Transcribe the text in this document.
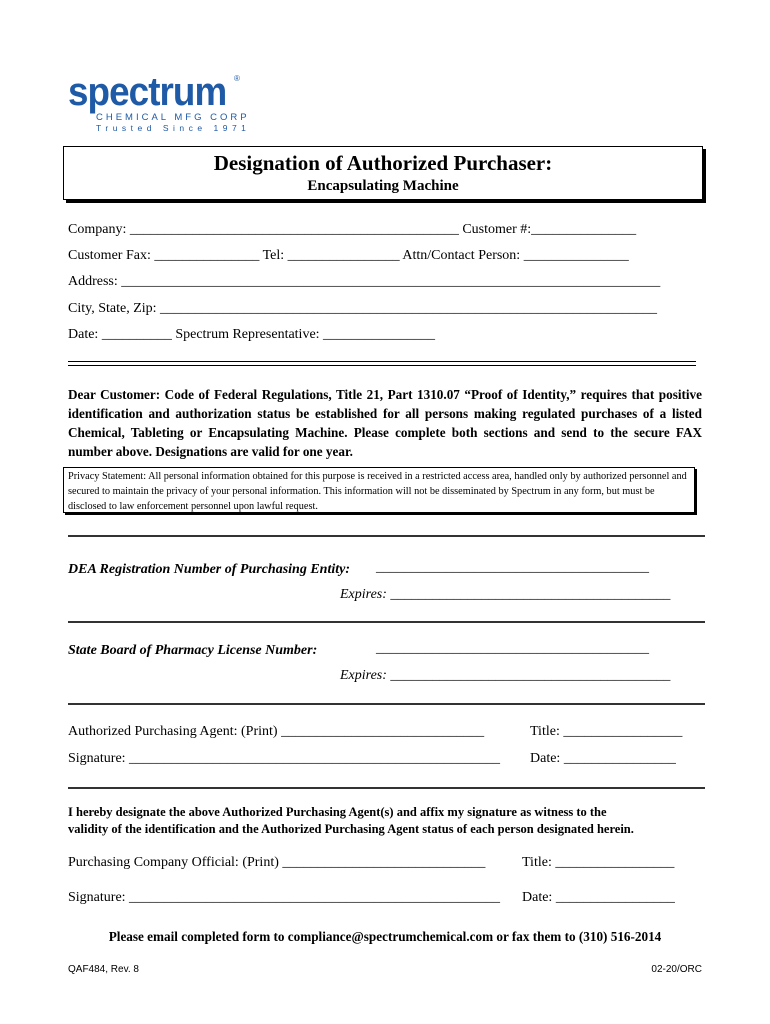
spectrum ®
CHEMICAL MFG CORP
Trusted Since 1971
Designation of Authorized Purchaser:
Encapsulating Machine
Company: _______________________________________________ Customer #:_______________
Customer Fax: _______________ Tel: ________________ Attn/Contact Person: _______________
Address: _____________________________________________________________________________
City, State, Zip: _______________________________________________________________________
Date: __________ Spectrum Representative: ________________
Dear Customer: Code of Federal Regulations, Title 21, Part 1310.07 “Proof of Identity,” requires that positive identification and authorization status be established for all persons making regulated purchases of a listed Chemical, Tableting or Encapsulating Machine. Please complete both sections and send to the secure FAX number above. Designations are valid for one year.
Privacy Statement: All personal information obtained for this purpose is received in a restricted access area, handled only by authorized personnel and secured to maintain the privacy of your personal information. This information will not be disseminated by Spectrum in any form, but must be disclosed to law enforcement personnel upon lawful request.
DEA Registration Number of Purchasing Entity: _______________________________________
Expires: ________________________________________
State Board of Pharmacy License Number:	_______________________________________
Expires: ________________________________________
Authorized Purchasing Agent: (Print) _____________________________	Title: _________________
Signature: _____________________________________________________ Date: ________________
I hereby designate the above Authorized Purchasing Agent(s) and affix my signature as witness to the
validity of the identification and the Authorized Purchasing Agent status of each person designated herein.
Purchasing Company Official: (Print) _____________________________	Title: _________________
Signature: _____________________________________________________ Date: _________________
Please email completed form to compliance@spectrumchemical.com or fax them to (310) 516-2014
QAF484, Rev. 8	02-20/ORC
